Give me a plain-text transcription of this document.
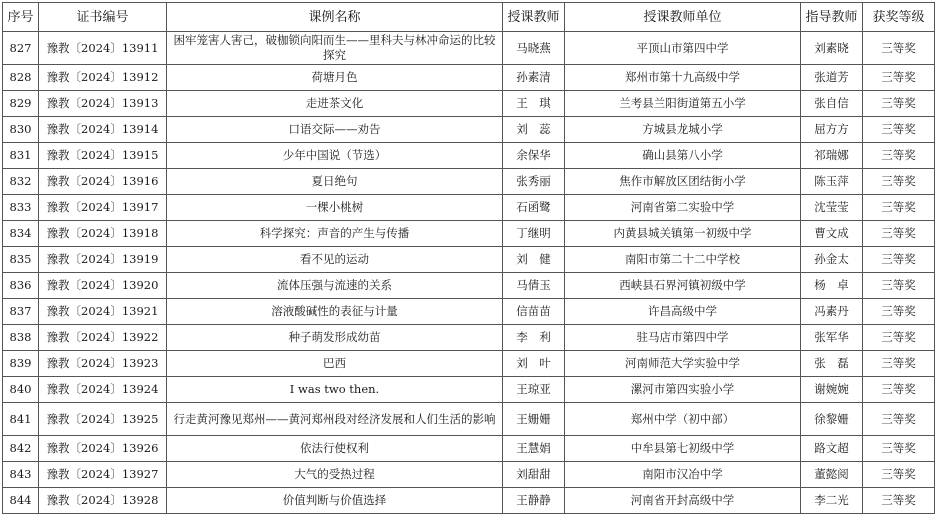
序号	证书编号	课例名称	授课教师	授课教师单位	指导教师	获奖等级
827	豫教〔2024〕13911	困牢笼害人害己，破枷锁向阳而生——里科夫与林冲命运的比较探究	马晓燕	平顶山市第四中学	刘素晓	三等奖
828	豫教〔2024〕13912	荷塘月色	孙素清	郑州市第十九高级中学	张道芳	三等奖
829	豫教〔2024〕13913	走进茶文化	王　琪	兰考县兰阳街道第五小学	张自信	三等奖
830	豫教〔2024〕13914	口语交际——劝告	刘　蕊	方城县龙城小学	屈方方	三等奖
831	豫教〔2024〕13915	少年中国说（节选）	余保华	确山县第八小学	祁瑞娜	三等奖
832	豫教〔2024〕13916	夏日绝句	张秀丽	焦作市解放区团结街小学	陈玉萍	三等奖
833	豫教〔2024〕13917	一棵小桃树	石函鹭	河南省第二实验中学	沈莹莹	三等奖
834	豫教〔2024〕13918	科学探究：声音的产生与传播	丁继明	内黄县城关镇第一初级中学	曹文成	三等奖
835	豫教〔2024〕13919	看不见的运动	刘　健	南阳市第二十二中学校	孙金太	三等奖
836	豫教〔2024〕13920	流体压强与流速的关系	马倩玉	西峡县石界河镇初级中学	杨　卓	三等奖
837	豫教〔2024〕13921	溶液酸碱性的表征与计量	信苗苗	许昌高级中学	冯素丹	三等奖
838	豫教〔2024〕13922	种子萌发形成幼苗	李　利	驻马店市第四中学	张军华	三等奖
839	豫教〔2024〕13923	巴西	刘　叶	河南师范大学实验中学	张　磊	三等奖
840	豫教〔2024〕13924	I was two then.	王琼亚	漯河市第四实验小学	谢婉婉	三等奖
841	豫教〔2024〕13925	行走黄河豫见郑州——黄河郑州段对经济发展和人们生活的影响	王姗姗	郑州中学（初中部）	徐黎姗	三等奖
842	豫教〔2024〕13926	依法行使权利	王慧娟	中牟县第七初级中学	路文超	三等奖
843	豫教〔2024〕13927	大气的受热过程	刘甜甜	南阳市汉冶中学	董懿阅	三等奖
844	豫教〔2024〕13928	价值判断与价值选择	王静静	河南省开封高级中学	李二光	三等奖
